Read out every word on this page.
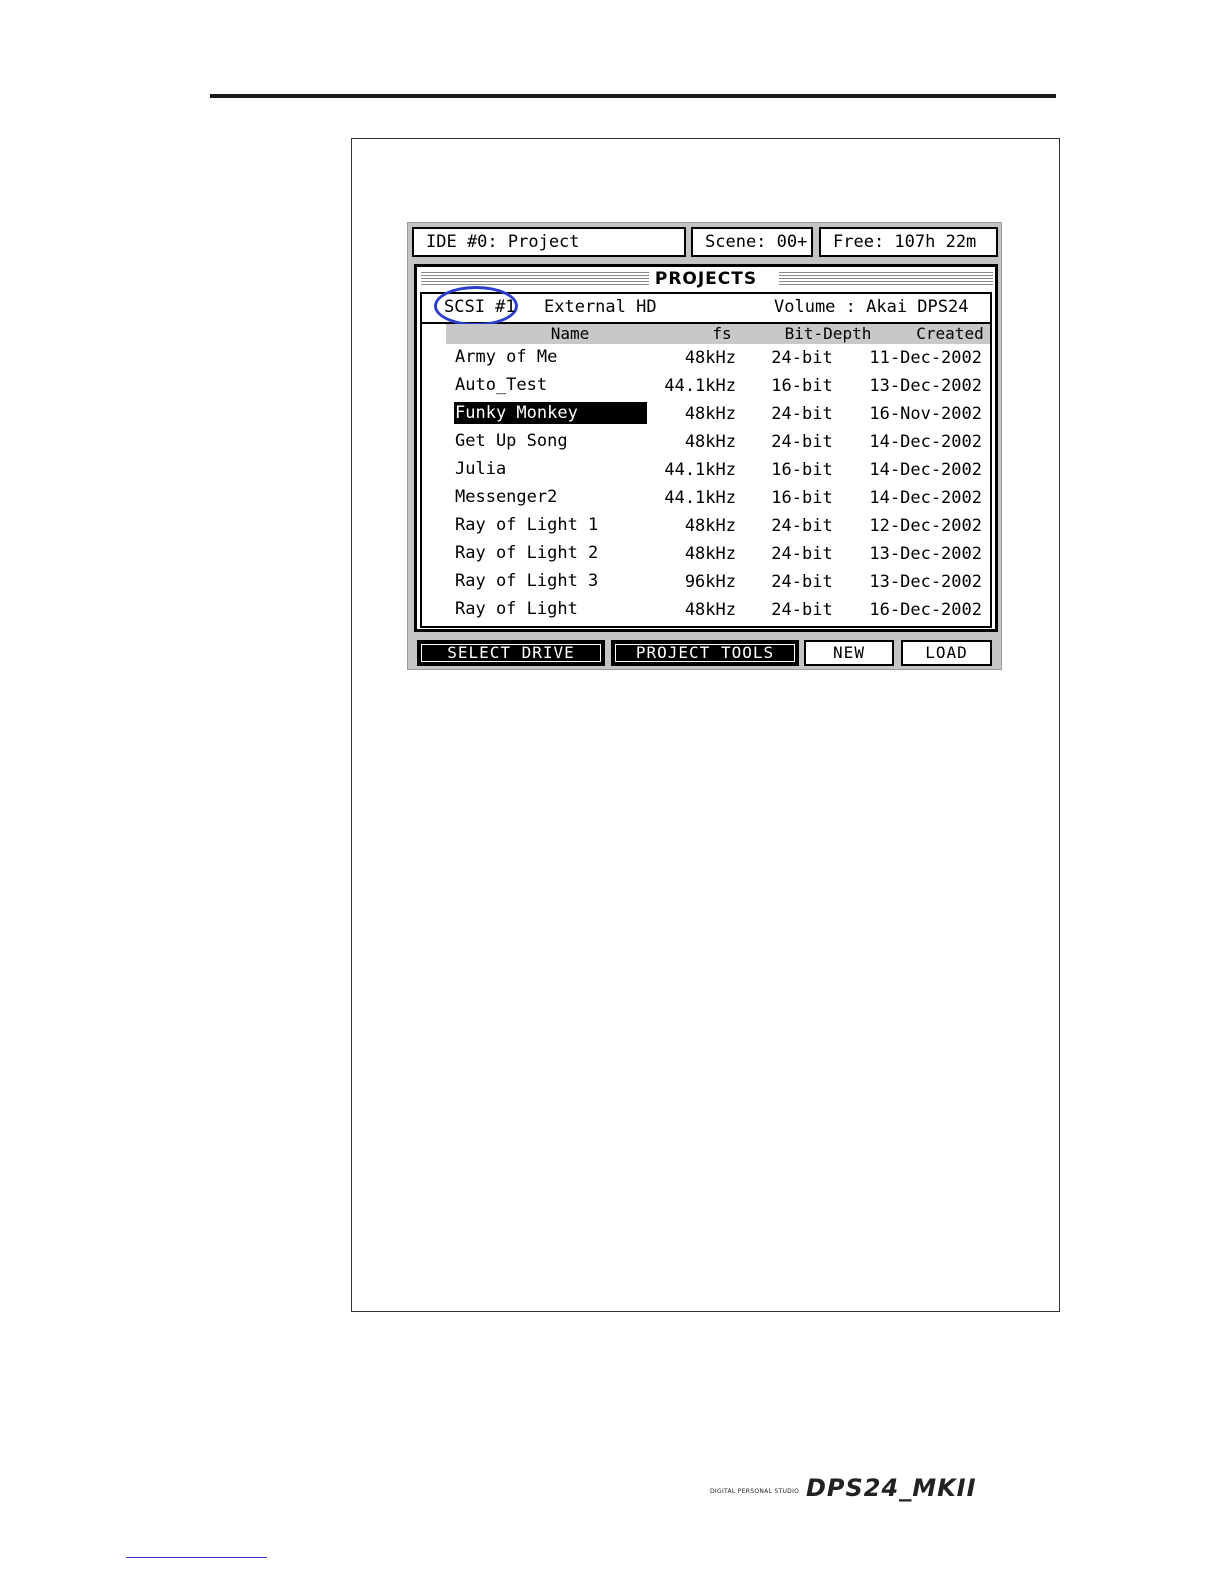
IDE #0: Project	Scene: 00+	Free: 107h 22m
PROJECTS
SCSI #1 External HD	Volume : Akai DPS24
Name	fs	Bit-Depth	Created
Army of Me	48kHz	24-bit	11-Dec-2002
Auto_Test	44.1kHz	16-bit	13-Dec-2002
Funky Monkey	48kHz	24-bit	16-Nov-2002
Get Up Song	48kHz	24-bit	14-Dec-2002
Julia	44.1kHz	16-bit	14-Dec-2002
Messenger2	44.1kHz	16-bit	14-Dec-2002
Ray of Light 1	48kHz	24-bit	12-Dec-2002
Ray of Light 2	48kHz	24-bit	13-Dec-2002
Ray of Light 3	96kHz	24-bit	13-Dec-2002
Ray of Light	48kHz	24-bit	16-Dec-2002
SELECT DRIVE	PROJECT TOOLS	NEW	LOAD
DIGITAL PERSONAL STUDIO DPS24_MKII
